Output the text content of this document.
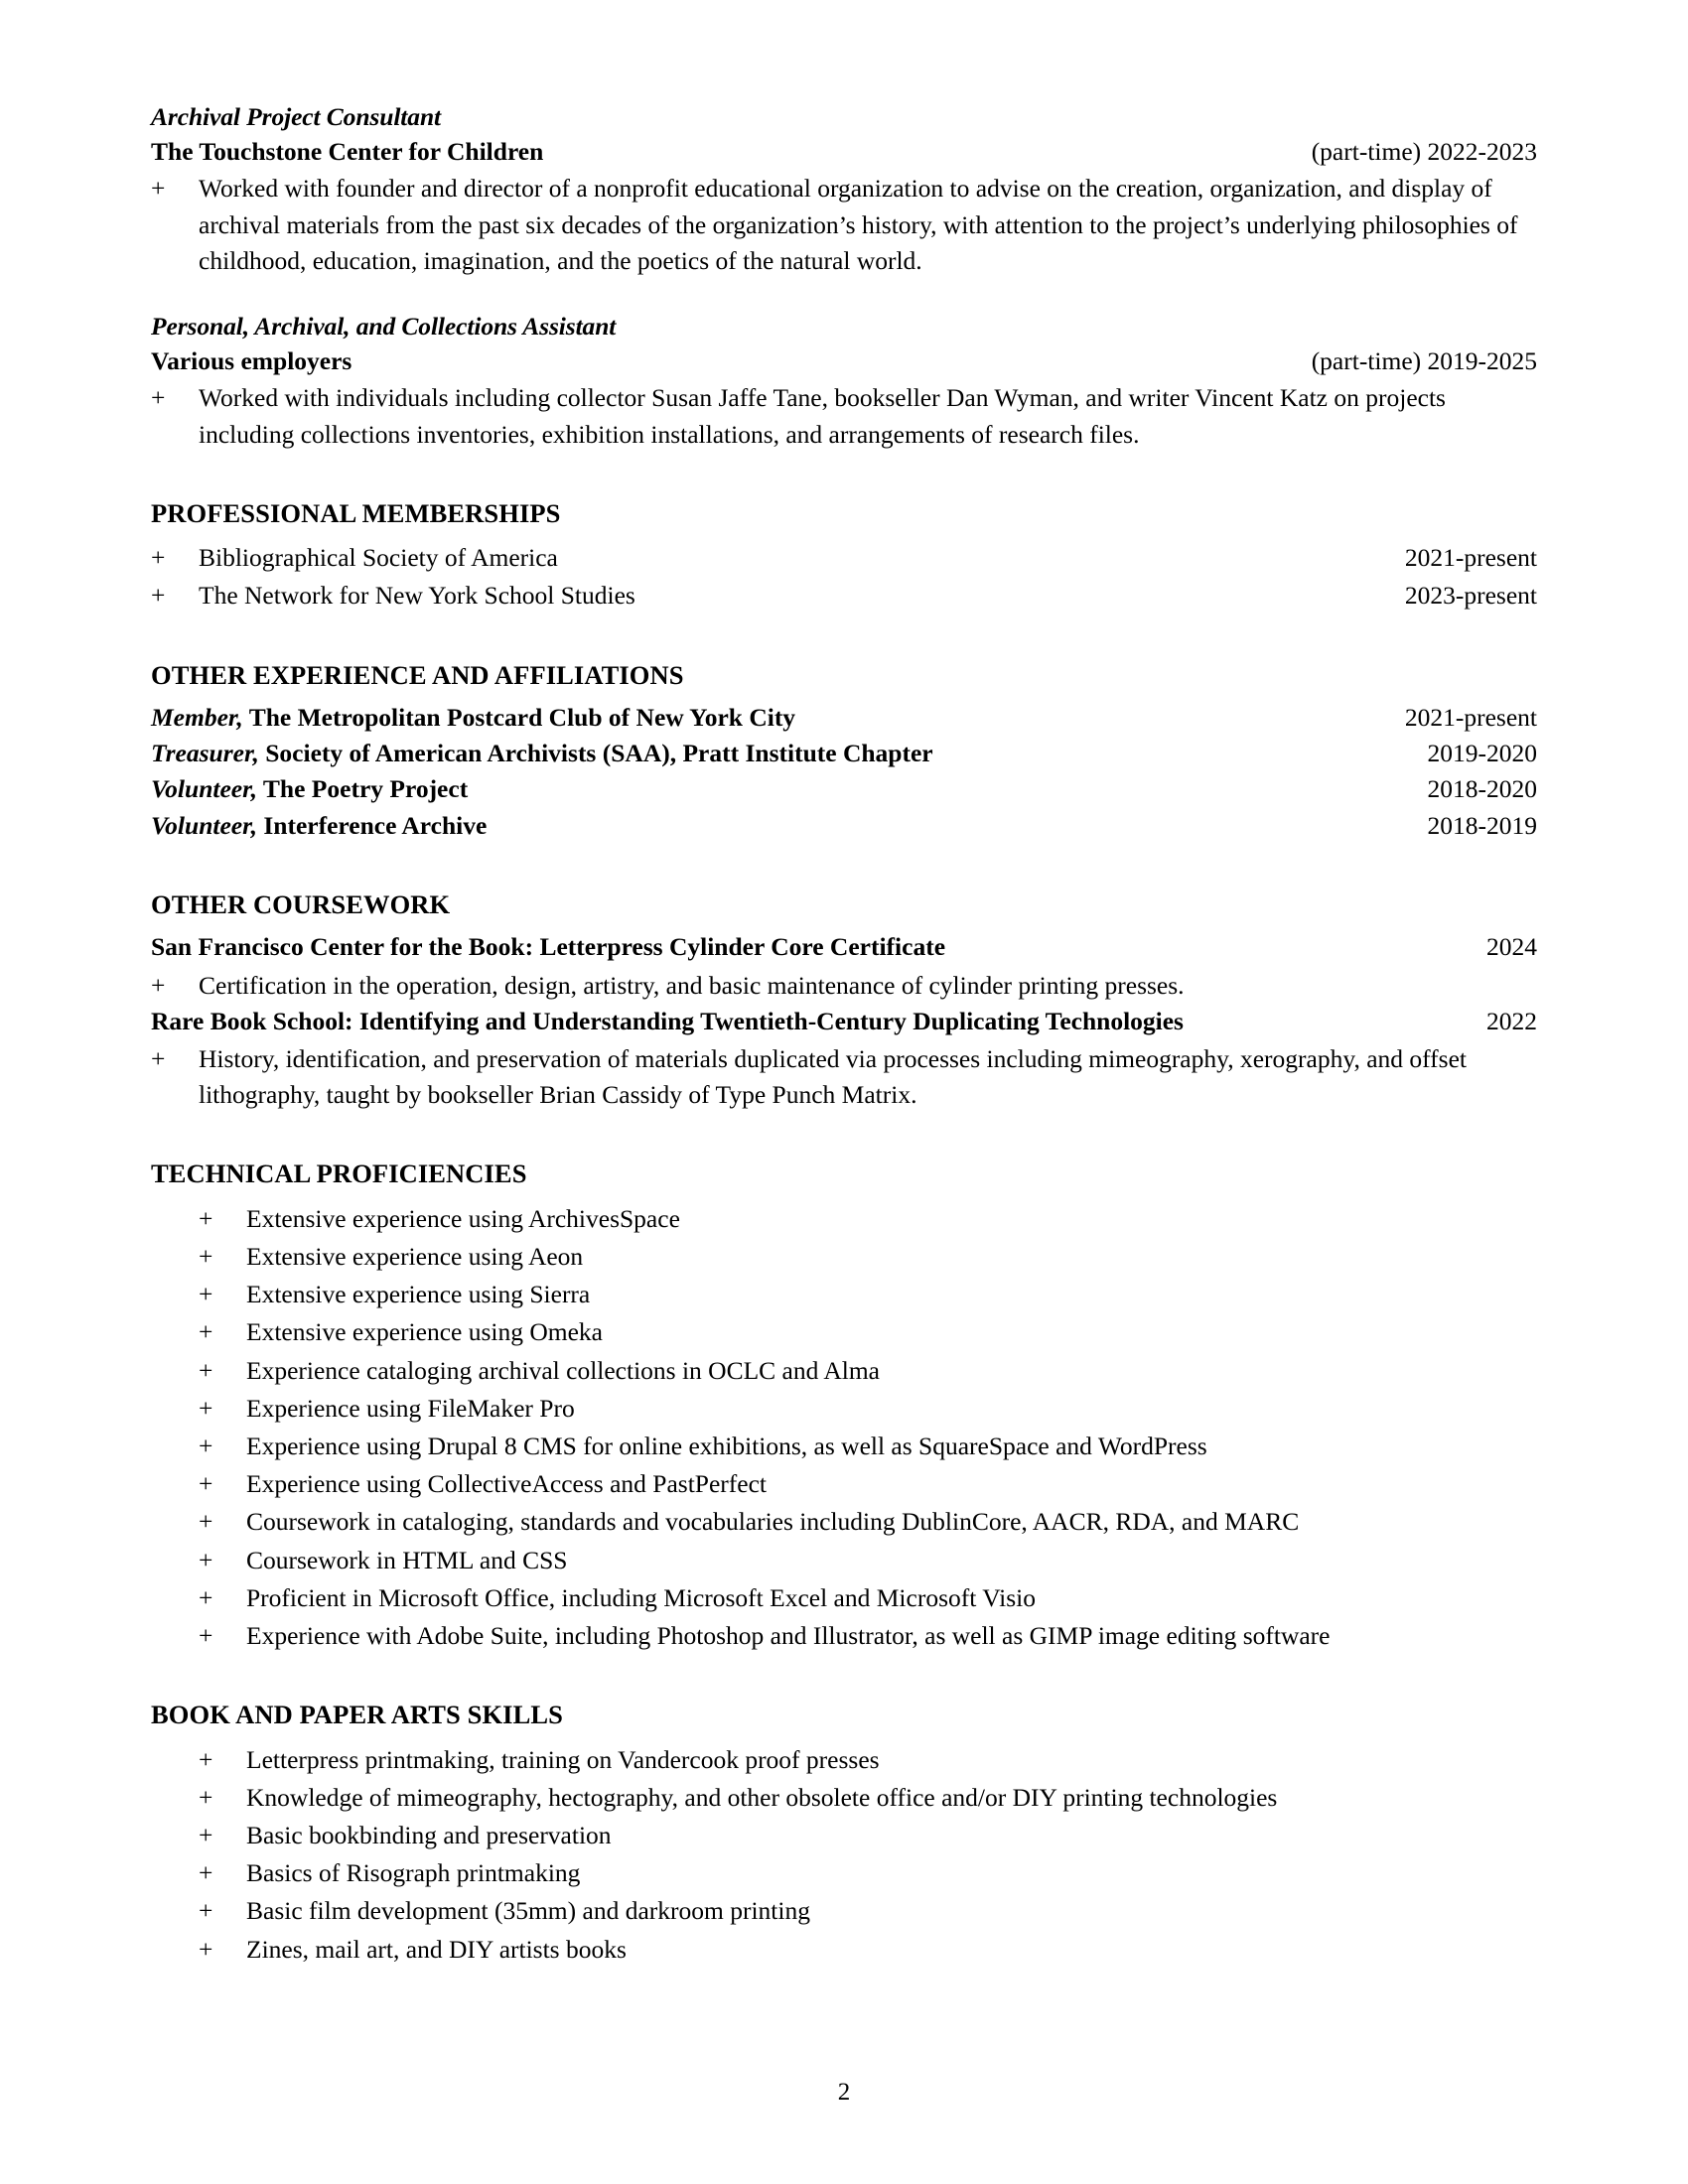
Archival Project Consultant
The Touchstone Center for Children	(part-time) 2022-2023
+	Worked with founder and director of a nonprofit educational organization to advise on the creation, organization, and display of archival materials from the past six decades of the organization’s history, with attention to the project’s underlying philosophies of childhood, education, imagination, and the poetics of the natural world.
Personal, Archival, and Collections Assistant
Various employers	(part-time) 2019-2025
+	Worked with individuals including collector Susan Jaffe Tane, bookseller Dan Wyman, and writer Vincent Katz on projects including collections inventories, exhibition installations, and arrangements of research files.
PROFESSIONAL MEMBERSHIPS
+	Bibliographical Society of America	2021-present
+	The Network for New York School Studies	2023-present
OTHER EXPERIENCE AND AFFILIATIONS
Member, The Metropolitan Postcard Club of New York City	2021-present
Treasurer, Society of American Archivists (SAA), Pratt Institute Chapter	2019-2020
Volunteer, The Poetry Project	2018-2020
Volunteer, Interference Archive	2018-2019
OTHER COURSEWORK
San Francisco Center for the Book: Letterpress Cylinder Core Certificate	2024
+	Certification in the operation, design, artistry, and basic maintenance of cylinder printing presses.
Rare Book School: Identifying and Understanding Twentieth-Century Duplicating Technologies	2022
+	History, identification, and preservation of materials duplicated via processes including mimeography, xerography, and offset lithography, taught by bookseller Brian Cassidy of Type Punch Matrix.
TECHNICAL PROFICIENCIES
+	Extensive experience using ArchivesSpace
+	Extensive experience using Aeon
+	Extensive experience using Sierra
+	Extensive experience using Omeka
+	Experience cataloging archival collections in OCLC and Alma
+	Experience using FileMaker Pro
+	Experience using Drupal 8 CMS for online exhibitions, as well as SquareSpace and WordPress
+	Experience using CollectiveAccess and PastPerfect
+	Coursework in cataloging, standards and vocabularies including DublinCore, AACR, RDA, and MARC
+	Coursework in HTML and CSS
+	Proficient in Microsoft Office, including Microsoft Excel and Microsoft Visio
+	Experience with Adobe Suite, including Photoshop and Illustrator, as well as GIMP image editing software
BOOK AND PAPER ARTS SKILLS
+	Letterpress printmaking, training on Vandercook proof presses
+	Knowledge of mimeography, hectography, and other obsolete office and/or DIY printing technologies
+	Basic bookbinding and preservation
+	Basics of Risograph printmaking
+	Basic film development (35mm) and darkroom printing
+	Zines, mail art, and DIY artists books
2
